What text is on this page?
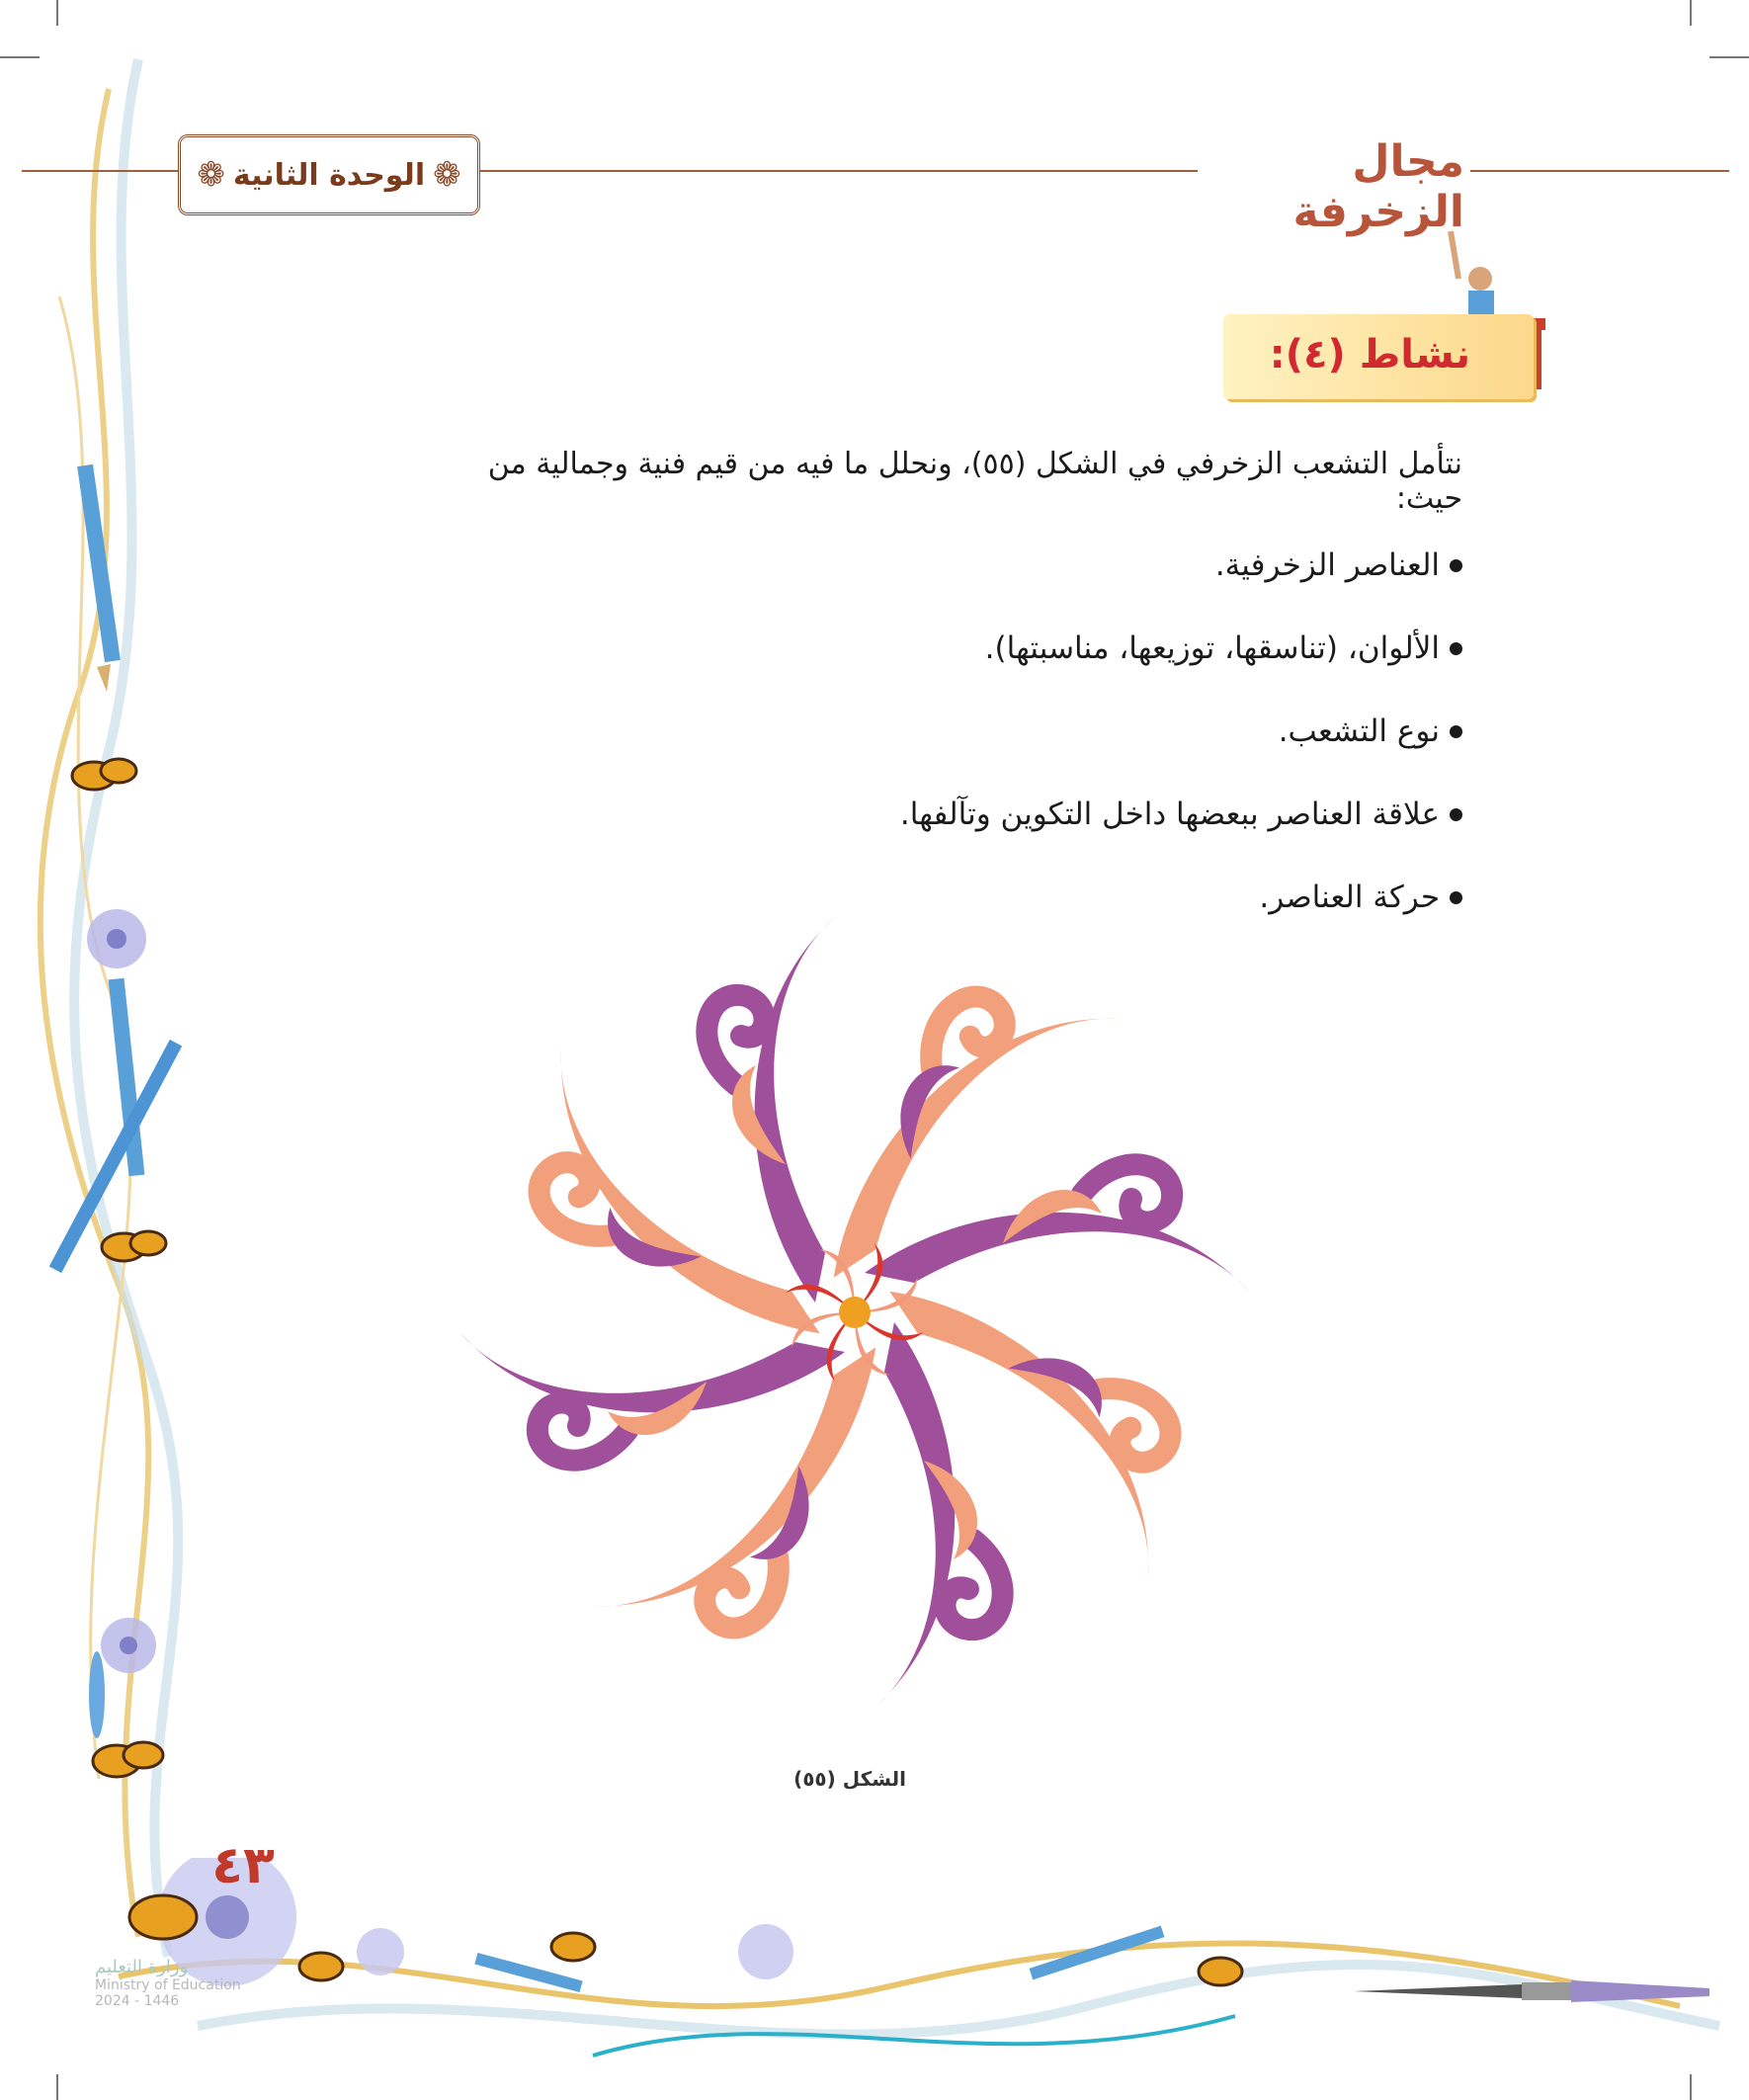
❁ الوحدة الثانية ❁	مجال الزخرفة
نشاط (٤):
نتأمل التشعب الزخرفي في الشكل (٥٥)، ونحلل ما فيه من قيم فنية وجمالية من حيث:
العناصر الزخرفية.
الألوان، (تناسقها، توزيعها، مناسبتها).
نوع التشعب.
علاقة العناصر ببعضها داخل التكوين وتآلفها.
حركة العناصر.
الشكل (٥٥)
٤٣
وزارة التعليم
Ministry of Education
2024 - 1446
